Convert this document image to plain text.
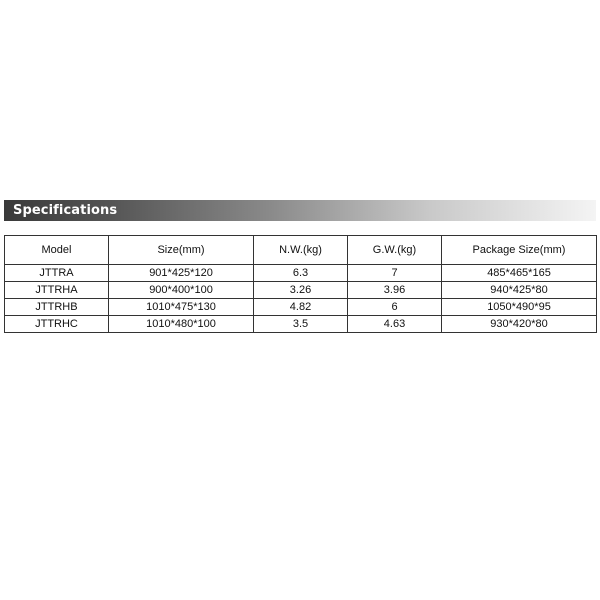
Specifications
Model	Size(mm)	N.W.(kg)	G.W.(kg)	Package Size(mm)
JTTRA	901*425*120	6.3	7	485*465*165
JTTRHA	900*400*100	3.26	3.96	940*425*80
JTTRHB	1010*475*130	4.82	6	1050*490*95
JTTRHC	1010*480*100	3.5	4.63	930*420*80
